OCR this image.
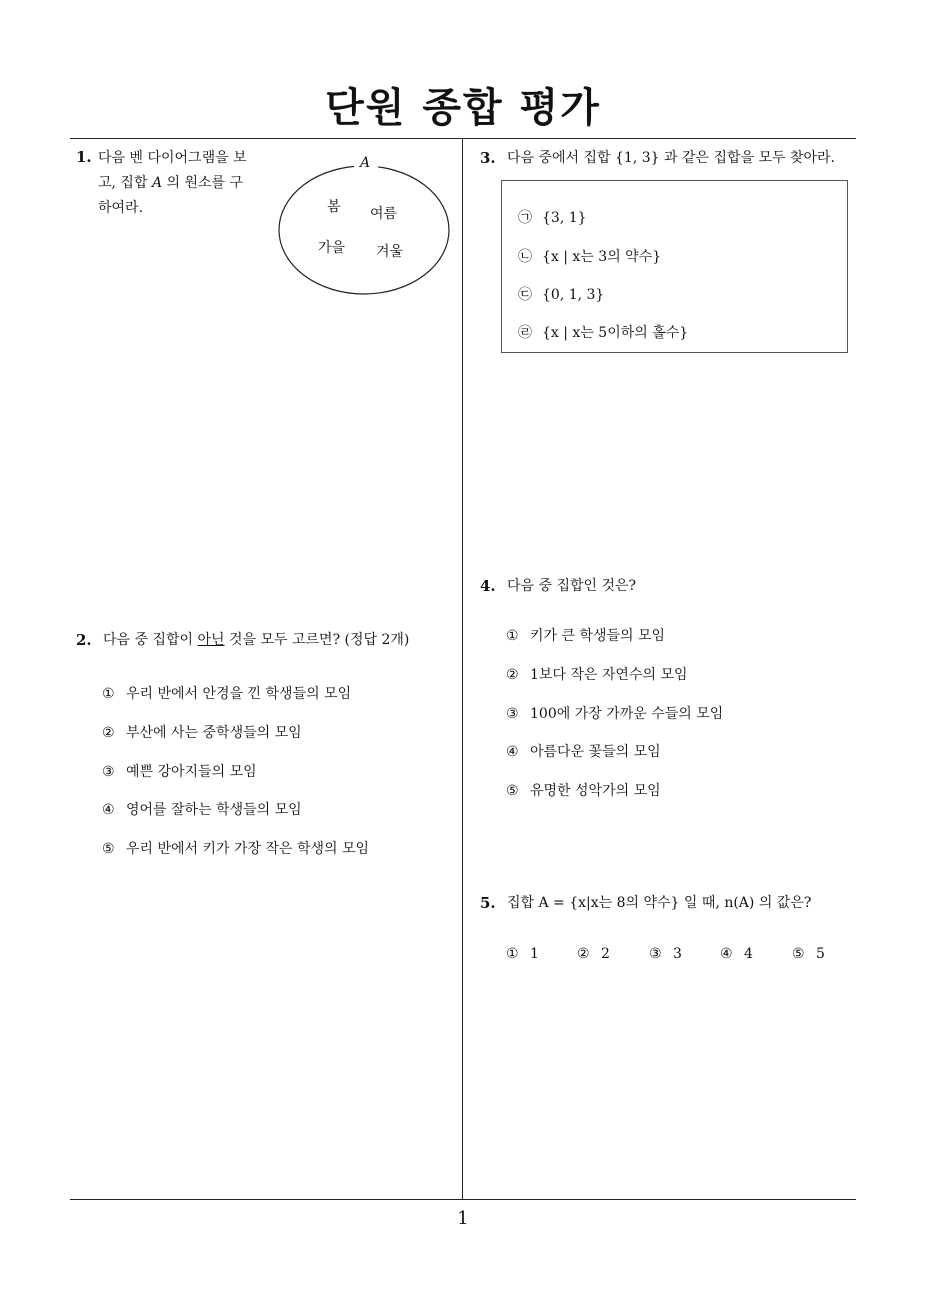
단원 종합 평가
1. 다음 벤 다이어그램을 보
고, 집합 A 의 원소를 구
하여라.
A
봄 여름
가을 겨울
2. 다음 중 집합이 아닌 것을 모두 고르면? (정답 2개)
① 우리 반에서 안경을 낀 학생들의 모임
② 부산에 사는 중학생들의 모임
③ 예쁜 강아지들의 모임
④ 영어를 잘하는 학생들의 모임
⑤ 우리 반에서 키가 가장 작은 학생의 모임
3. 다음 중에서 집합 {1, 3} 과 같은 집합을 모두 찾아라.
㉠ {3, 1}
㉡ {x | x는 3의 약수}
㉢ {0, 1, 3}
㉣ {x | x는 5이하의 홀수}
4. 다음 중 집합인 것은?
① 키가 큰 학생들의 모임
② 1보다 작은 자연수의 모임
③ 100에 가장 가까운 수들의 모임
④ 아름다운 꽃들의 모임
⑤ 유명한 성악가의 모임
5. 집합 A = {x|x는 8의 약수} 일 때, n(A) 의 값은?
① 1	② 2	③ 3	④ 4	⑤ 5
1
